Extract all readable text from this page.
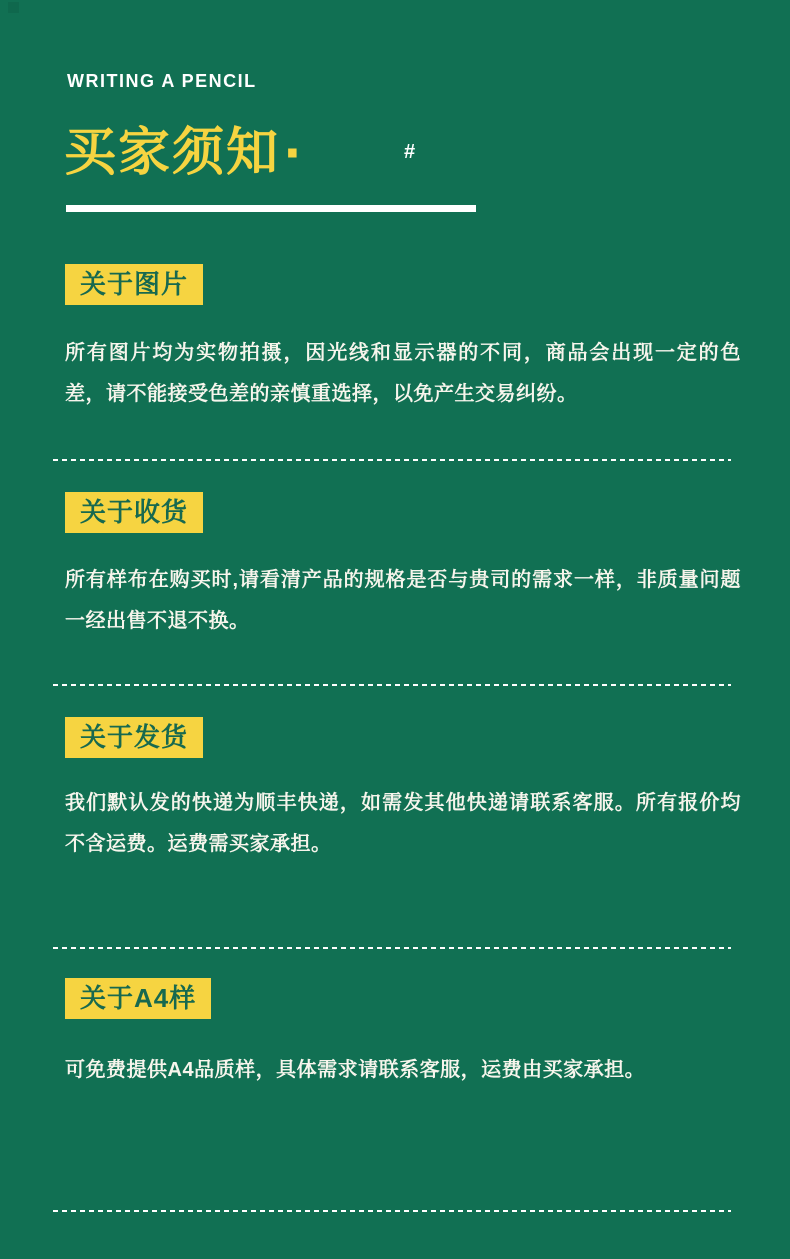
WRITING A PENCIL
买家须知 ·	#
关于图片

所有图片均为实物拍摄，因光线和显示器的不同，商品会出现一定的色差，请不能接受色差的亲慎重选择，以免产生交易纠纷。

关于收货

所有样布在购买时,请看清产品的规格是否与贵司的需求一样，非质量问题一经出售不退不换。

关于发货

我们默认发的快递为顺丰快递，如需发其他快递请联系客服。所有报价均不含运费。运费需买家承担。

关于A4样

可免费提供A4品质样，具体需求请联系客服，运费由买家承担。
